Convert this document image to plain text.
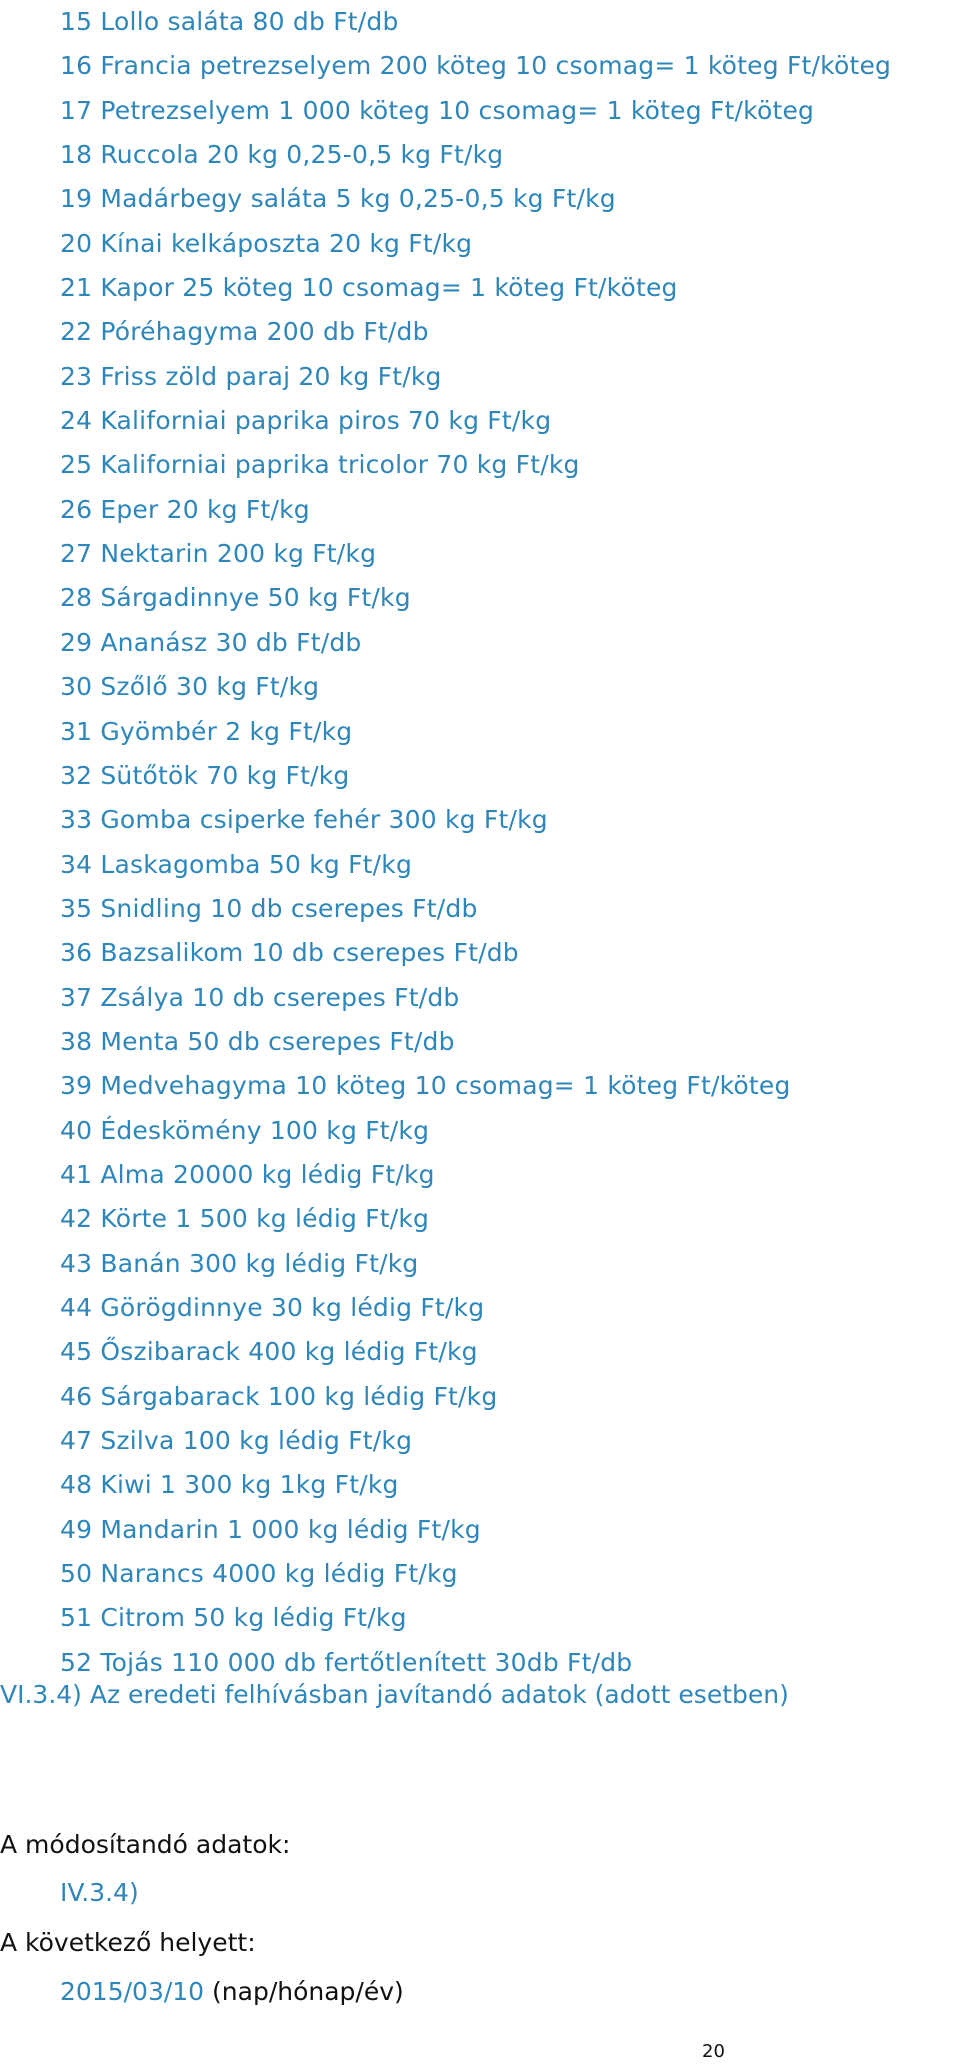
15 Lollo saláta 80 db Ft/db
16 Francia petrezselyem 200 köteg 10 csomag= 1 köteg Ft/köteg
17 Petrezselyem 1 000 köteg 10 csomag= 1 köteg Ft/köteg
18 Ruccola 20 kg 0,25-0,5 kg Ft/kg
19 Madárbegy saláta 5 kg 0,25-0,5 kg Ft/kg
20 Kínai kelkáposzta 20 kg Ft/kg
21 Kapor 25 köteg 10 csomag= 1 köteg Ft/köteg
22 Póréhagyma 200 db Ft/db
23 Friss zöld paraj 20 kg Ft/kg
24 Kaliforniai paprika piros 70 kg Ft/kg
25 Kaliforniai paprika tricolor 70 kg Ft/kg
26 Eper 20 kg Ft/kg
27 Nektarin 200 kg Ft/kg
28 Sárgadinnye 50 kg Ft/kg
29 Ananász 30 db Ft/db
30 Szőlő 30 kg Ft/kg
31 Gyömbér 2 kg Ft/kg
32 Sütőtök 70 kg Ft/kg
33 Gomba csiperke fehér 300 kg Ft/kg
34 Laskagomba 50 kg Ft/kg
35 Snidling 10 db cserepes Ft/db
36 Bazsalikom 10 db cserepes Ft/db
37 Zsálya 10 db cserepes Ft/db
38 Menta 50 db cserepes Ft/db
39 Medvehagyma 10 köteg 10 csomag= 1 köteg Ft/köteg
40 Édeskömény 100 kg Ft/kg
41 Alma 20000 kg lédig Ft/kg
42 Körte 1 500 kg lédig Ft/kg
43 Banán 300 kg lédig Ft/kg
44 Görögdinnye 30 kg lédig Ft/kg
45 Őszibarack 400 kg lédig Ft/kg
46 Sárgabarack 100 kg lédig Ft/kg
47 Szilva 100 kg lédig Ft/kg
48 Kiwi 1 300 kg 1kg Ft/kg
49 Mandarin 1 000 kg lédig Ft/kg
50 Narancs 4000 kg lédig Ft/kg
51 Citrom 50 kg lédig Ft/kg
52 Tojás 110 000 db fertőtlenített 30db Ft/db
VI.3.4) Az eredeti felhívásban javítandó adatok (adott esetben)
A módosítandó adatok:
IV.3.4)
A következő helyett:
2015/03/10 (nap/hónap/év)
20
